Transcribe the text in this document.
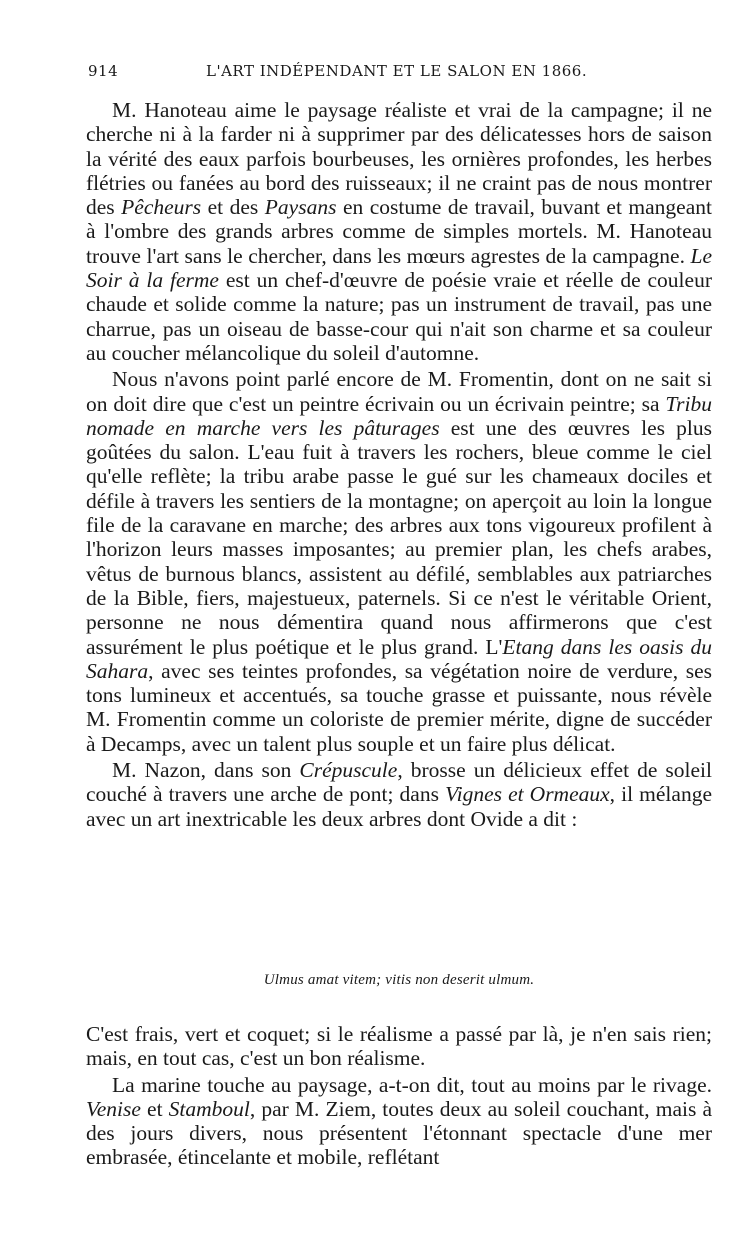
914	L'ART INDÉPENDANT ET LE SALON EN 1866.

M. Hanoteau aime le paysage réaliste et vrai de la campagne; il ne cherche ni à la farder ni à supprimer par des délicatesses hors de saison la vérité des eaux parfois bourbeuses, les ornières profondes, les herbes flétries ou fanées au bord des ruisseaux; il ne craint pas de nous montrer des Pêcheurs et des Paysans en costume de travail, buvant et mangeant à l'ombre des grands arbres comme de simples mortels. M. Hanoteau trouve l'art sans le chercher, dans les mœurs agrestes de la campagne. Le Soir à la ferme est un chef-d'œuvre de poésie vraie et réelle de couleur chaude et solide comme la nature; pas un instrument de travail, pas une charrue, pas un oiseau de basse-cour qui n'ait son charme et sa couleur au coucher mélancolique du soleil d'automne.

Nous n'avons point parlé encore de M. Fromentin, dont on ne sait si on doit dire que c'est un peintre écrivain ou un écrivain peintre; sa Tribu nomade en marche vers les pâturages est une des œuvres les plus goûtées du salon. L'eau fuit à travers les rochers, bleue comme le ciel qu'elle reflète; la tribu arabe passe le gué sur les chameaux dociles et défile à travers les sentiers de la montagne; on aperçoit au loin la longue file de la caravane en marche; des arbres aux tons vigoureux profilent à l'horizon leurs masses imposantes; au premier plan, les chefs arabes, vêtus de burnous blancs, assistent au défilé, semblables aux patriarches de la Bible, fiers, majestueux, paternels. Si ce n'est le véritable Orient, personne ne nous démentira quand nous affirmerons que c'est assurément le plus poétique et le plus grand. L'Etang dans les oasis du Sahara, avec ses teintes profondes, sa végétation noire de verdure, ses tons lumineux et accentués, sa touche grasse et puissante, nous révèle M. Fromentin comme un coloriste de premier mérite, digne de succéder à Decamps, avec un talent plus souple et un faire plus délicat.

M. Nazon, dans son Crépuscule, brosse un délicieux effet de soleil couché à travers une arche de pont; dans Vignes et Ormeaux, il mélange avec un art inextricable les deux arbres dont Ovide a dit :

Ulmus amat vitem; vitis non deserit ulmum.

C'est frais, vert et coquet; si le réalisme a passé par là, je n'en sais rien; mais, en tout cas, c'est un bon réalisme.

La marine touche au paysage, a-t-on dit, tout au moins par le rivage. Venise et Stamboul, par M. Ziem, toutes deux au soleil couchant, mais à des jours divers, nous présentent l'étonnant spectacle d'une mer embrasée, étincelante et mobile, reflétant
